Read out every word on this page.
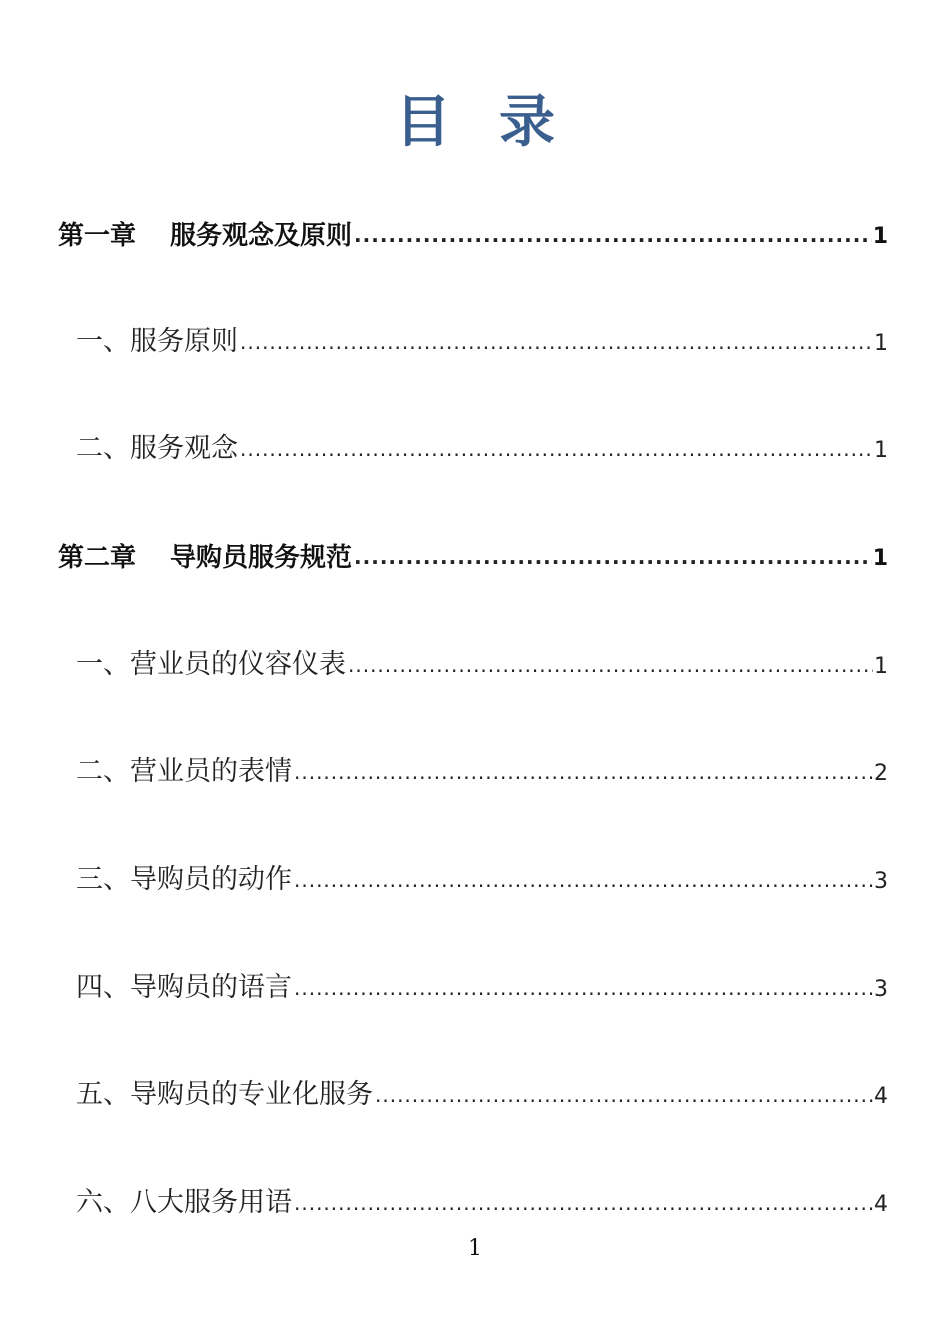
目 录
第一章 服务观念及原则 .....	1
一、服务原则 .....	1
二、服务观念 .....	1
第二章 导购员服务规范 .....	1
一、营业员的仪容仪表 .....	1
二、营业员的表情 .....	2
三、导购员的动作 .....	3
四、导购员的语言 .....	3
五、导购员的专业化服务 .....	4
六、八大服务用语 .....	4
1
